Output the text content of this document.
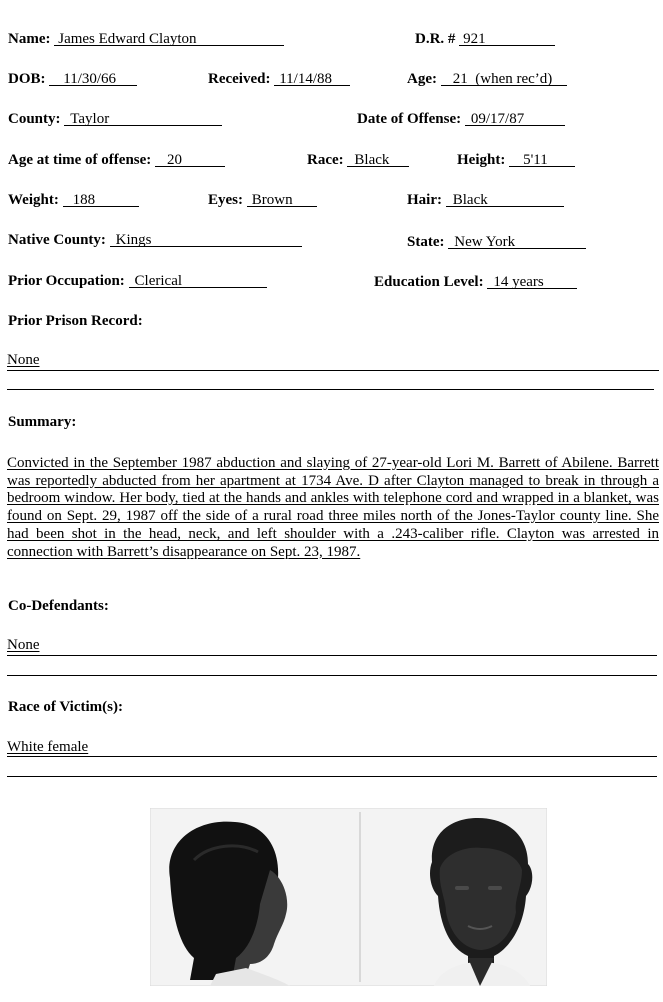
Name: James Edward Clayton	D.R. # 921
DOB: 11/30/66	Received: 11/14/88	Age: 21  (when rec’d)
County: Taylor	Date of Offense: 09/17/87
Age at time of offense: 20	Race: Black	Height: 5'11
Weight: 188	Eyes: Brown	Hair: Black
Native County: Kings	State: New York
Prior Occupation: Clerical	Education Level: 14 years
Prior Prison Record:
None
Summary:
Convicted in the September 1987 abduction and slaying of 27-year-old Lori M. Barrett of Abilene. Barrett was reportedly abducted from her apartment at 1734 Ave. D after Clayton managed to break in through a bedroom window. Her body, tied at the hands and ankles with telephone cord and wrapped in a blanket, was found on Sept. 29, 1987 off the side of a rural road three miles north of the Jones-Taylor county line. She had been shot in the head, neck, and left shoulder with a .243-caliber rifle. Clayton was arrested in connection with Barrett’s disappearance on Sept. 23, 1987.
Co-Defendants:
None
Race of Victim(s):
White female
